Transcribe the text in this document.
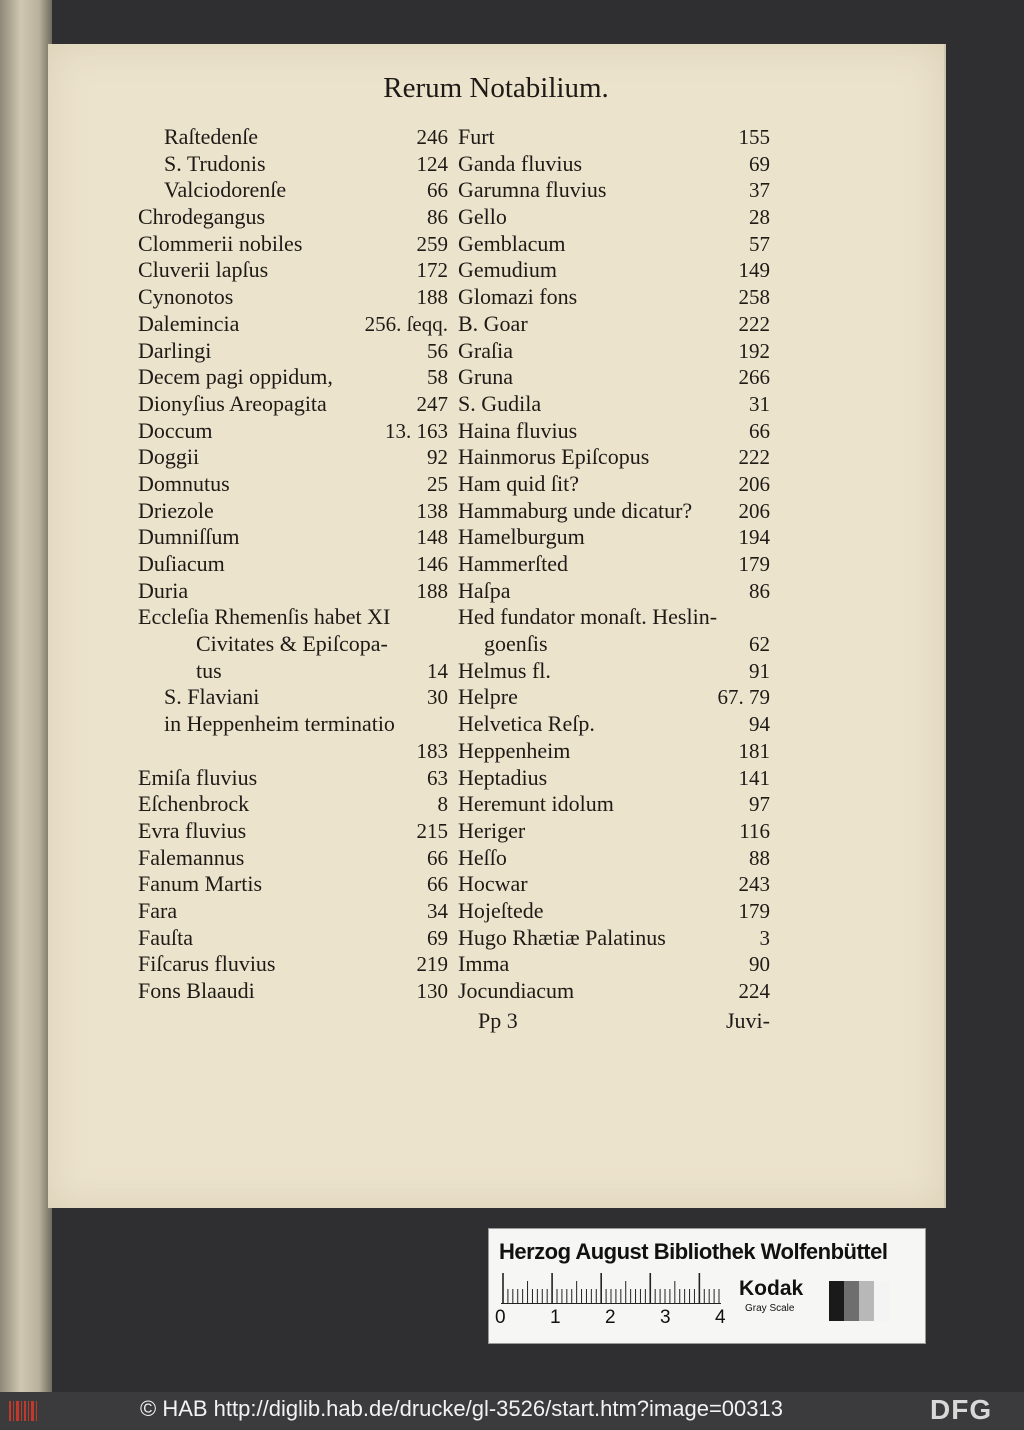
Rerum Notabilium.
Raſtedenſe	246
S. Trudonis	124
Valciodorenſe	66
Chrodegangus	86
Clommerii nobiles	259
Cluverii lapſus	172
Cynonotos	188
Dalemincia	256. ſeqq.
Darlingi	56
Decem pagi oppidum,	58
Dionyſius Areopagita	247
Doccum	13. 163
Doggii	92
Domnutus	25
Driezole	138
Dumniſſum	148
Duſiacum	146
Duria	188
Eccleſia Rhemenſis habet XI
Civitates & Epiſcopa-
tus	14
S. Flaviani	30
in Heppenheim terminatio
183
Emiſa fluvius	63
Eſchenbrock	8
Evra fluvius	215
Falemannus	66
Fanum Martis	66
Fara	34
Fauſta	69
Fiſcarus fluvius	219
Fons Blaaudi	130
Furt	155
Ganda fluvius	69
Garumna fluvius	37
Gello	28
Gemblacum	57
Gemudium	149
Glomazi fons	258
B. Goar	222
Graſia	192
Gruna	266
S. Gudila	31
Haina fluvius	66
Hainmorus Epiſcopus	222
Ham quid ſit?	206
Hammaburg unde dicatur? 206
Hamelburgum	194
Hammerſted	179
Haſpa	86
Hed fundator monaſt. Heslin-
goenſis	62
Helmus fl.	91
Helpre	67. 79
Helvetica Reſp.	94
Heppenheim	181
Heptadius	141
Heremunt idolum	97
Heriger	116
Heſſo	88
Hocwar	243
Hojeſtede	179
Hugo Rhætiæ Palatinus	3
Imma	90
Jocundiacum	224
Pp 3	Juvi-
Herzog August Bibliothek Wolfenbüttel
0 1 2 3 4
Kodak
Gray Scale
© HAB http://diglib.hab.de/drucke/gl-3526/start.htm?image=00313	DFG
